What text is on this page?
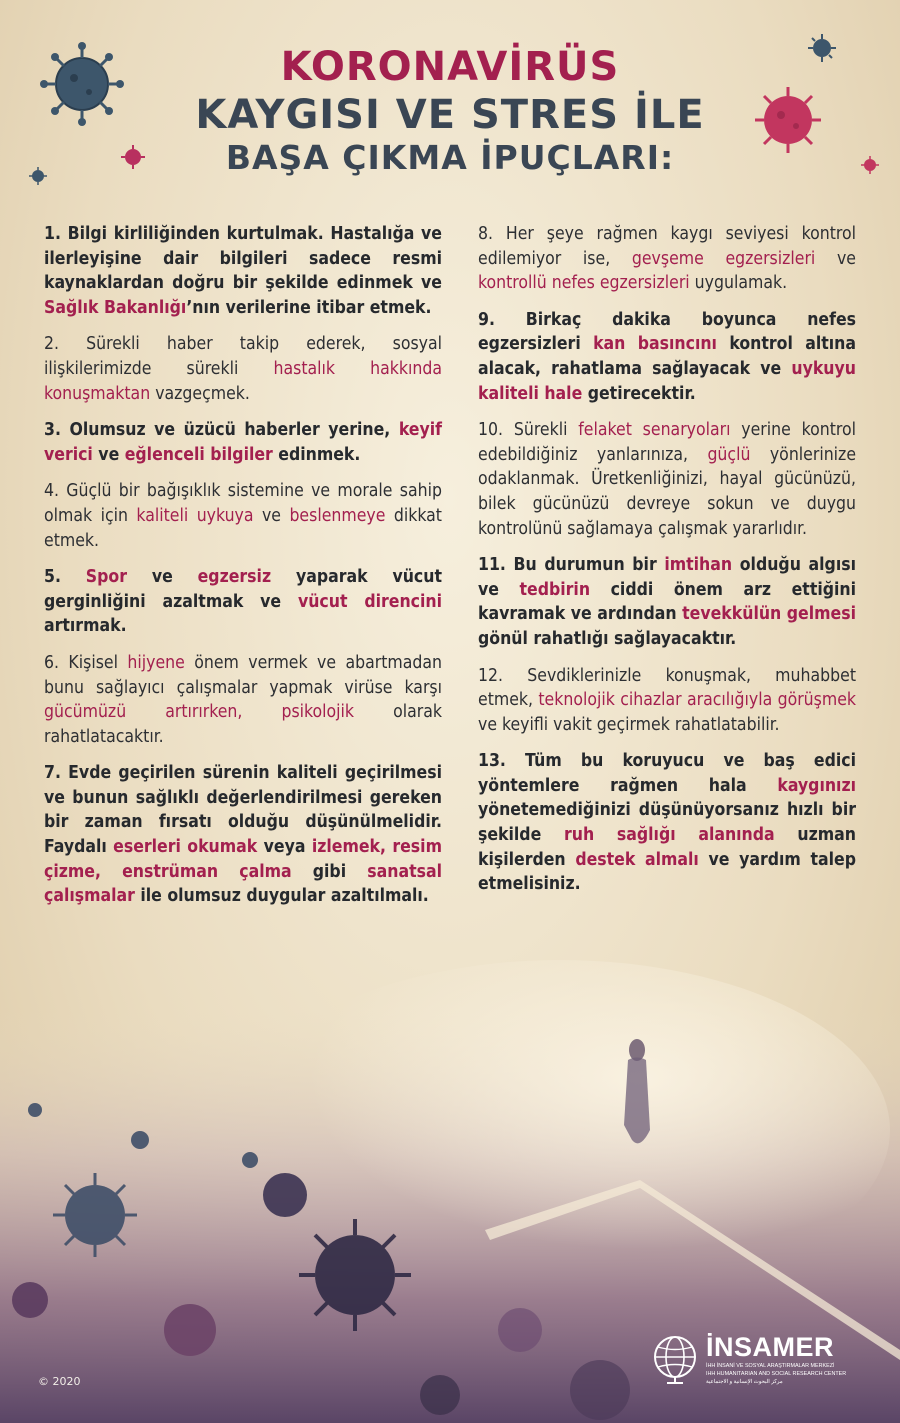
KORONAVİRÜS
KAYGISI VE STRES İLE
BAŞA ÇIKMA İPUÇLARI:

1. Bilgi kirliliğinden kurtulmak. Hastalığa ve ilerleyişine dair bilgileri sadece resmi kaynaklardan doğru bir şekilde edinmek ve Sağlık Bakanlığı’nın verilerine itibar etmek.

2. Sürekli haber takip ederek, sosyal ilişkilerimizde sürekli hastalık hakkında konuşmaktan vazgeçmek.

3. Olumsuz ve üzücü haberler yerine, keyif verici ve eğlenceli bilgiler edinmek.

4. Güçlü bir bağışıklık sistemine ve morale sahip olmak için kaliteli uykuya ve beslenmeye dikkat etmek.

5. Spor ve egzersiz yaparak vücut gerginliğini azaltmak ve vücut direncini artırmak.

6. Kişisel hijyene önem vermek ve abartmadan bunu sağlayıcı çalışmalar yapmak virüse karşı gücümüzü artırırken, psikolojik olarak rahatlatacaktır.

7. Evde geçirilen sürenin kaliteli geçirilmesi ve bunun sağlıklı değerlendirilmesi gereken bir zaman fırsatı olduğu düşünülmelidir. Faydalı eserleri okumak veya izlemek, resim çizme, enstrüman çalma gibi sanatsal çalışmalar ile olumsuz duygular azaltılmalı.

8. Her şeye rağmen kaygı seviyesi kontrol edilemiyor ise, gevşeme egzersizleri ve kontrollü nefes egzersizleri uygulamak.

9. Birkaç dakika boyunca nefes egzersizleri kan basıncını kontrol altına alacak, rahatlama sağlayacak ve uykuyu kaliteli hale getirecektir.

10. Sürekli felaket senaryoları yerine kontrol edebildiğiniz yanlarınıza, güçlü yönlerinize odaklanmak. Üretkenliğinizi, hayal gücünüzü, bilek gücünüzü devreye sokun ve duygu kontrolünü sağlamaya çalışmak yararlıdır.

11. Bu durumun bir imtihan olduğu algısı ve tedbirin ciddi önem arz ettiğini kavramak ve ardından tevekkülün gelmesi gönül rahatlığı sağlayacaktır.

12. Sevdiklerinizle konuşmak, muhabbet etmek, teknolojik cihazlar aracılığıyla görüşmek ve keyifli vakit geçirmek rahatlatabilir.

13. Tüm bu koruyucu ve baş edici yöntemlere rağmen hala kaygınızı yönetemediğinizi düşünüyorsanız hızlı bir şekilde ruh sağlığı alanında uzman kişilerden destek almalı ve yardım talep etmelisiniz.

© 2020
İNSAMER
İHH İNSANİ VE SOSYAL ARAŞTIRMALAR MERKEZİ
IHH HUMANITARIAN AND SOCIAL RESEARCH CENTER
مركز البحوث الإنسانية و الاجتماعية
